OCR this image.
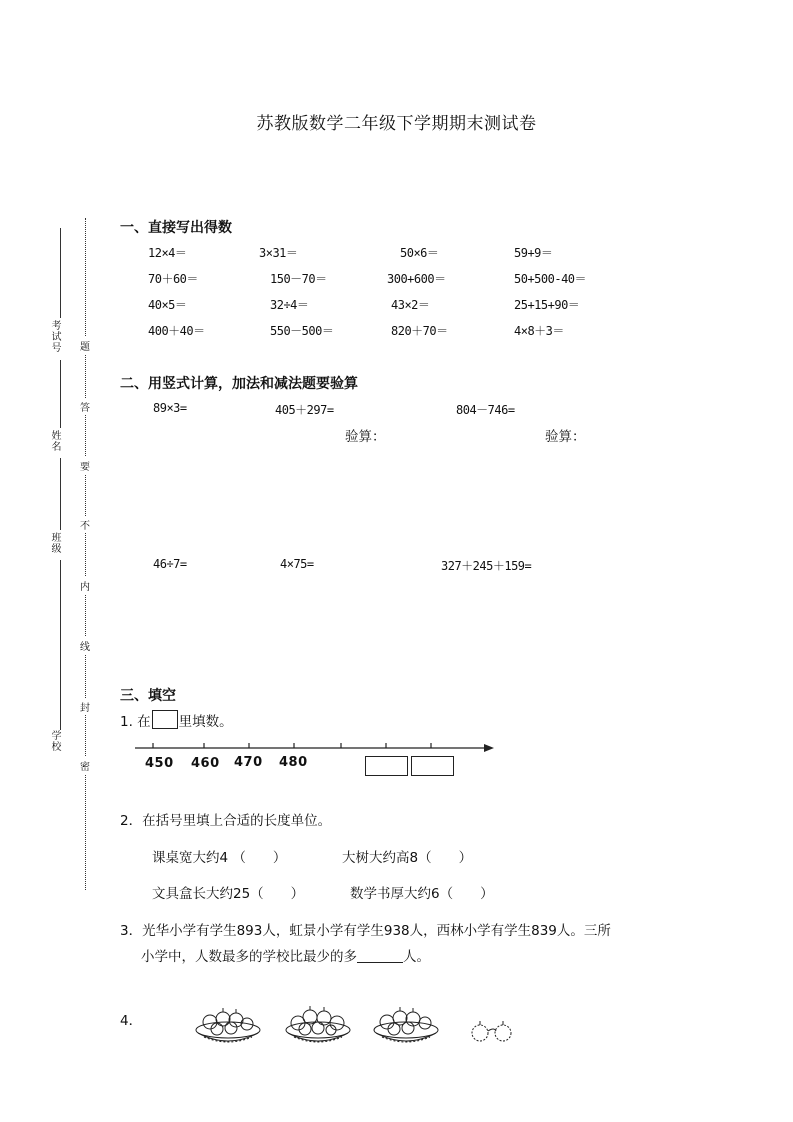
苏教版数学二年级下学期期末测试卷
考试号
姓名
班级
学校
题
答
要
不
内
线
封
密
一、直接写出得数
12×4＝	3×31＝	50×6＝	59+9＝
70＋60＝	150－70＝	300+600＝	50+500-40＝
40×5＝	32÷4＝	43×2＝	25+15+90＝
400＋40＝	550－500＝	820＋70＝	4×8＋3＝
二、用竖式计算，加法和减法题要验算
89×3=	405＋297=	804－746=
验算：	验算：
46÷7=	4×75=	327＋245＋159=
三、填空
1. 在 里填数。
450 460 470 480
2．在括号里填上合适的长度单位。
课桌宽大约4 （　　）	大树大约高8（　　）
文具盒长大约25（　　）	数学书厚大约6（　　）
3．光华小学有学生893人，虹景小学有学生938人，西林小学有学生839人。三所
小学中，人数最多的学校比最少的多	人。
4．
